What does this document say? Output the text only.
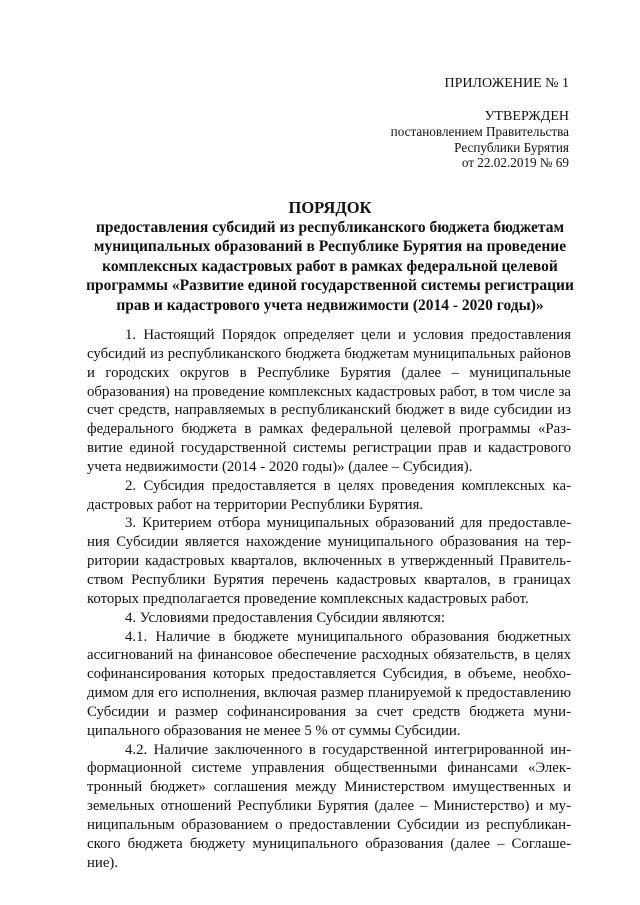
ПРИЛОЖЕНИЕ № 1
УТВЕРЖДЕН
постановлением Правительства
Республики Бурятия
от 22.02.2019 № 69
ПОРЯДОК
предоставления субсидий из республиканского бюджета бюджетам
муниципальных образований в Республике Бурятия на проведение
комплексных кадастровых работ в рамках федеральной целевой
программы «Развитие единой государственной системы регистрации
прав и кадастрового учета недвижимости (2014 - 2020 годы)»

1. Настоящий Порядок определяет цели и условия предоставления субсидий из республиканского бюджета бюджетам муниципальных районов и городских округов в Республике Бурятия (далее – муниципальные образования) на проведение комплексных кадастровых работ, в том числе за счет средств, направляемых в республиканский бюджет в виде субсидии из федерального бюджета в рамках федеральной целевой программы «Развитие единой государственной системы регистрации прав и кадастрового учета недвижимости (2014 - 2020 годы)» (далее – Субсидия).

2. Субсидия предоставляется в целях проведения комплексных кадастровых работ на территории Республики Бурятия.

3. Критерием отбора муниципальных образований для предоставления Субсидии является нахождение муниципального образования на территории кадастровых кварталов, включенных в утвержденный Правительством Республики Бурятия перечень кадастровых кварталов, в границах которых предполагается проведение комплексных кадастровых работ.

4. Условиями предоставления Субсидии являются:

4.1. Наличие в бюджете муниципального образования бюджетных ассигнований на финансовое обеспечение расходных обязательств, в целях софинансирования которых предоставляется Субсидия, в объеме, необходимом для его исполнения, включая размер планируемой к предоставлению Субсидии и размер софинансирования за счет средств бюджета муниципального образования не менее 5 % от суммы Субсидии.

4.2. Наличие заключенного в государственной интегрированной информационной системе управления общественными финансами «Электронный бюджет» соглашения между Министерством имущественных и земельных отношений Республики Бурятия (далее – Министерство) и муниципальным образованием о предоставлении Субсидии из республиканского бюджета бюджету муниципального образования (далее – Соглашение).
